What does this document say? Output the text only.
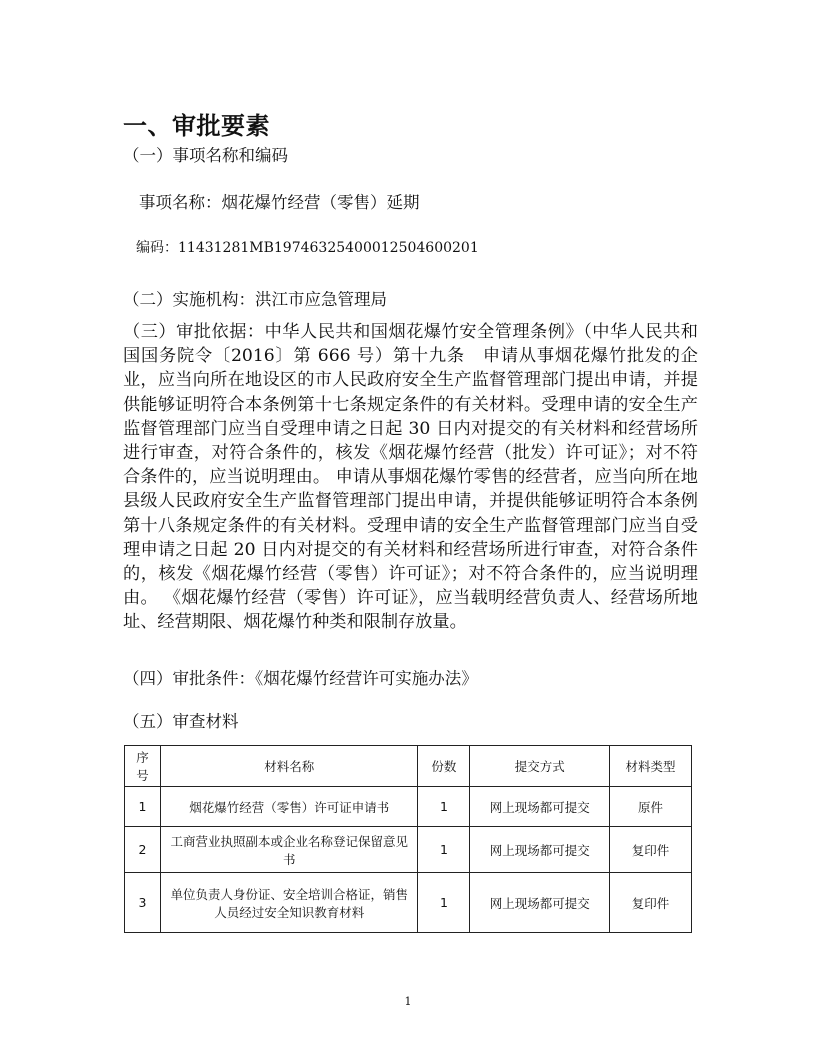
一、审批要素
（一）事项名称和编码
事项名称：烟花爆竹经营（零售）延期
编码：11431281MB1974632540001250460020​1
（二）实施机构：洪江市应急管理局
（三）审批依据：中华人民共和国烟花爆竹安全管理条例》（中华人民共和国国务院令〔2016〕第 666 号）第十九条　申请从事烟花爆竹批发的企业，应当向所在地设区的市人民政府安全生产监督管理部门提出申请，并提供能够证明符合本条例第十七条规定条件的有关材料。受理申请的安全生产监督管理部门应当自受理申请之日起 30 日内对提交的有关材料和经营场所进行审查，对符合条件的，核发《烟花爆竹经营（批发）许可证》；对不符合条件的，应当说明理由。 申请从事烟花爆竹零售的经营者，应当向所在地县级人民政府安全生产监督管理部门提出申请，并提供能够证明符合本条例第十八条规定条件的有关材料。受理申请的安全生产监督管理部门应当自受理申请之日起 20 日内对提交的有关材料和经营场所进行审查，对符合条件的，核发《烟花爆竹经营（零售）许可证》；对不符合条件的，应当说明理由。 《烟花爆竹经营（零售）许可证》，应当载明经营负责人、经营场所地址、经营期限、烟花爆竹种类和限制存放量。
（四）审批条件：《烟花爆竹经营许可实施办法》
（五）审查材料
序号	材料名称	份数	提交方式	材料类型
1	烟花爆竹经营（零售）许可证申请书	1	网上现场都可提交	原件
2	工商营业执照副本或企业名称登记保留意见书	1	网上现场都可提交	复印件
3	单位负责人身份证、安全培训合格证，销售人员经过安全知识教育材料	1	网上现场都可提交	复印件
1
